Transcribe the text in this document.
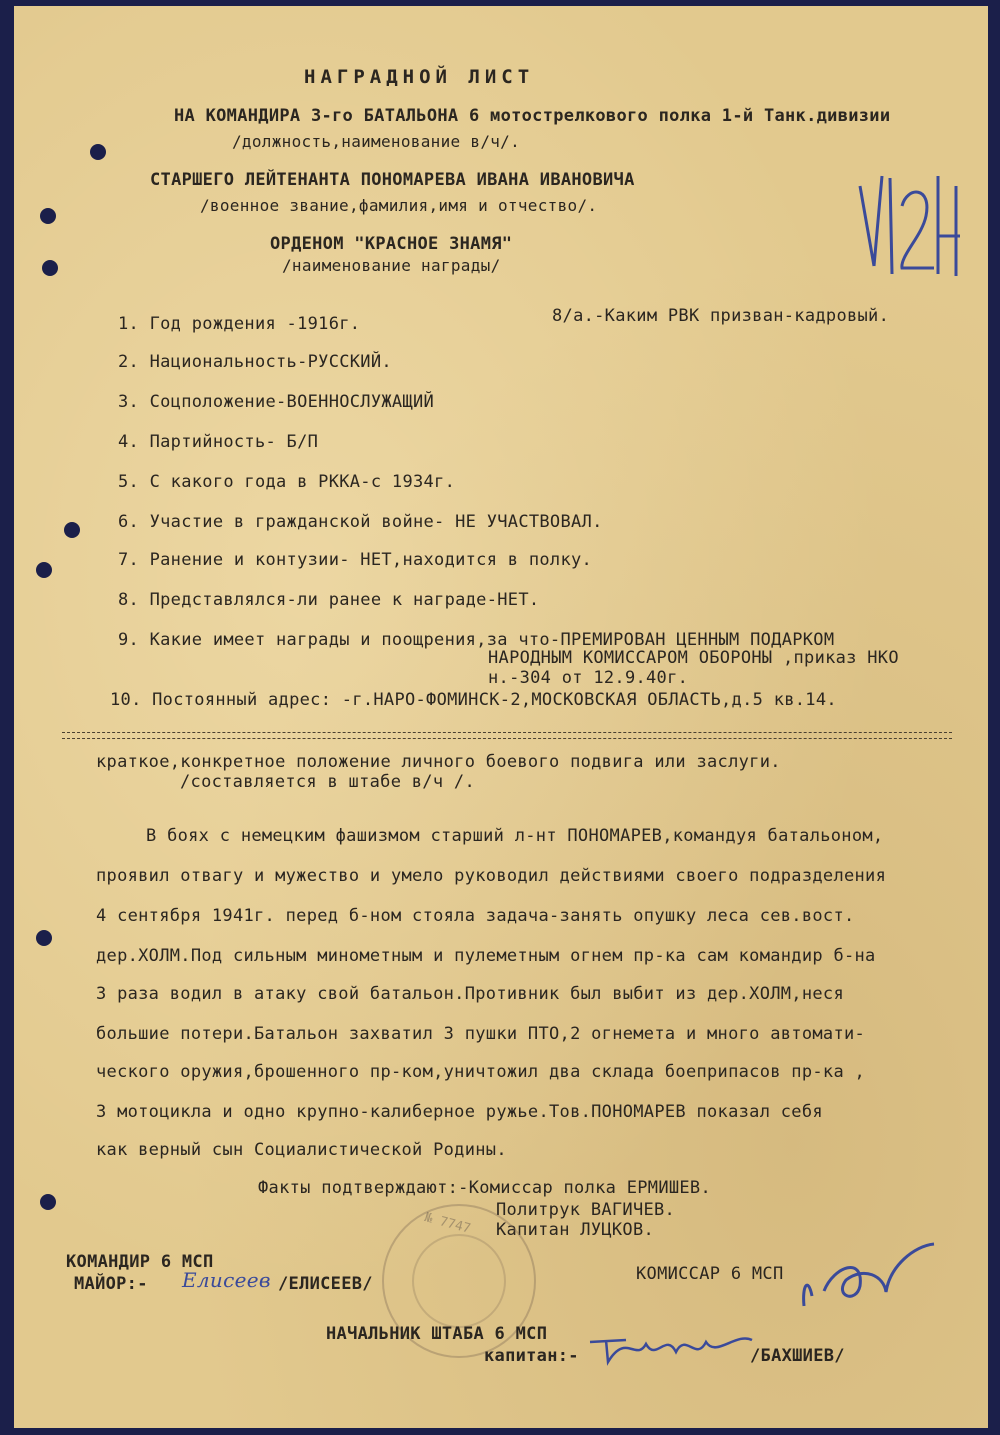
НАГРАДНОЙ ЛИСТ
НА КОМАНДИРА 3-го БАТАЛЬОНА 6 мотострелкового полка 1-й Танк.дивизии
/должность,наименование в/ч/.
СТАРШЕГО ЛЕЙТЕНАНТА ПОНОМАРЕВА ИВАНА ИВАНОВИЧА
/военное звание,фамилия,имя и отчество/.
ОРДЕНОМ "КРАСНОЕ ЗНАМЯ"
/наименование награды/
1. Год рождения -1916г.	8/а.-Каким РВК призван-кадровый.
2. Национальность-РУССКИЙ.
3. Соцположение-ВОЕННОСЛУЖАЩИЙ
4. Партийность- Б/П
5. С какого года в РККА-с 1934г.
6. Участие в гражданской войне- НЕ УЧАСТВОВАЛ.
7. Ранение и контузии- НЕТ,находится в полку.
8. Представлялся-ли ранее к награде-НЕТ.
9. Какие имеет награды и поощрения,за что-ПРЕМИРОВАН ЦЕННЫМ ПОДАРКОМ
НАРОДНЫМ КОМИССАРОМ ОБОРОНЫ ,приказ НКО
н.-304 от 12.9.40г.
10. Постоянный адрес: -г.НАРО-ФОМИНСК-2,МОСКОВСКАЯ ОБЛАСТЬ,д.5 кв.14.
краткое,конкретное положение личного боевого подвига или заслуги.
/составляется в штабе в/ч /.
В боях с немецким фашизмом старший л-нт ПОНОМАРЕВ,командуя батальоном,
проявил отвагу и мужество и умело руководил действиями своего подразделения
4 сентября 1941г. перед б-ном стояла задача-занять опушку леса сев.вост.
дер.ХОЛМ.Под сильным минометным и пулеметным огнем пр-ка сам командир б-на
3 раза водил в атаку свой батальон.Противник был выбит из дер.ХОЛМ,неся
большие потери.Батальон захватил 3 пушки ПТО,2 огнемета и много автомати-
ческого оружия,брошенного пр-ком,уничтожил два склада боеприпасов пр-ка ,
3 мотоцикла и одно крупно-калиберное ружье.Тов.ПОНОМАРЕВ показал себя
как верный сын Социалистической Родины.
Факты подтверждают:-Комиссар полка ЕРМИШЕВ.
Политрук ВАГИЧЕВ.
Капитан ЛУЦКОВ.
№ 7747
КОМАНДИР 6 МСП
МАЙОР:- Елисеев /ЕЛИСЕЕВ/	КОМИССАР 6 МСП
НАЧАЛЬНИК ШТАБА 6 МСП
капитан:-	/БАХШИЕВ/
